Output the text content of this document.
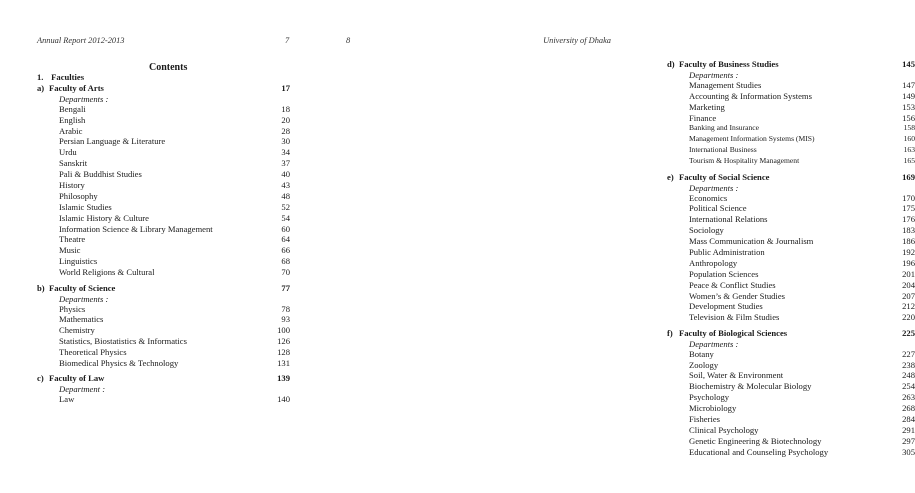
Annual Report 2012-2013	7
Contents
1. Faculties
a) Faculty of Arts	17
Departments :
Bengali	18
English	20
Arabic	28
Persian Language & Literature	30
Urdu	34
Sanskrit	37
Pali & Buddhist Studies	40
History	43
Philosophy	48
Islamic Studies	52
Islamic History & Culture	54
Information Science & Library Management	60
Theatre	64
Music	66
Linguistics	68
World Religions & Cultural	70
b) Faculty of Science	77
Departments :
Physics	78
Mathematics	93
Chemistry	100
Statistics, Biostatistics & Informatics	126
Theoretical Physics	128
Biomedical Physics & Technology	131
c) Faculty of Law	139
Department :
Law	140
8	University of Dhaka
d) Faculty of Business Studies	145
Departments :
Management Studies	147
Accounting & Information Systems	149
Marketing	153
Finance	156
Banking and Insurance	158
Management Information Systems (MIS)	160
International Business	163
Tourism & Hospitality Management	165
e) Faculty of Social Science	169
Departments :
Economics	170
Political Science	175
International Relations	176
Sociology	183
Mass Communication & Journalism	186
Public Administration	192
Anthropology	196
Population Sciences	201
Peace & Conflict Studies	204
Women’s & Gender Studies	207
Development Studies	212
Television & Film Studies	220
f) Faculty of Biological Sciences	225
Departments :
Botany	227
Zoology	238
Soil, Water & Environment	248
Biochemistry & Molecular Biology	254
Psychology	263
Microbiology	268
Fisheries	284
Clinical Psychology	291
Genetic Engineering & Biotechnology	297
Educational and Counseling Psychology	305
